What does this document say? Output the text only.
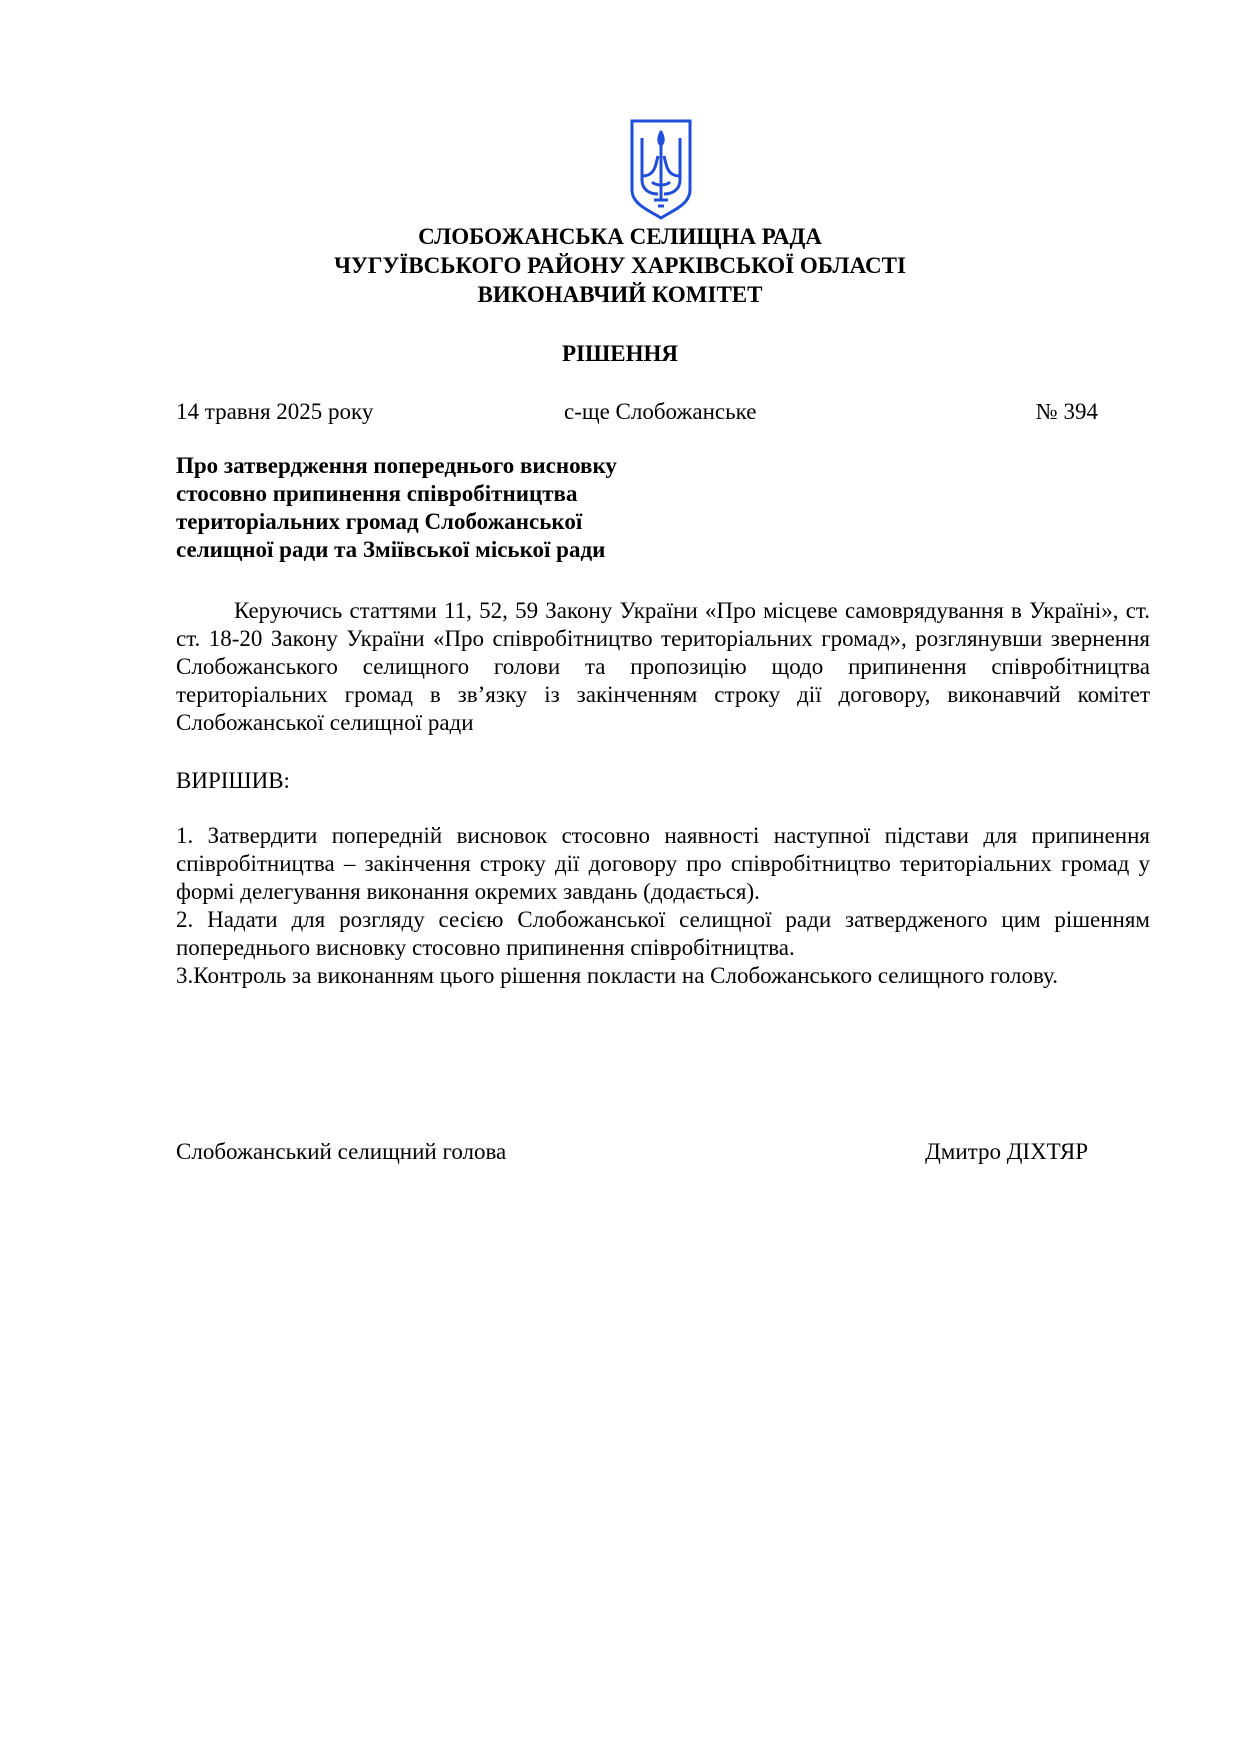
СЛОБОЖАНСЬКА СЕЛИЩНА РАДА
ЧУГУЇВСЬКОГО РАЙОНУ ХАРКІВСЬКОЇ ОБЛАСТІ
ВИКОНАВЧИЙ КОМІТЕТ
РІШЕННЯ
14 травня 2025 року	с-ще Слобожанське	№ 394
Про затвердження попереднього висновку
стосовно припинення співробітництва
територіальних громад Слобожанської
селищної ради та Зміївської міської ради
Керуючись статтями 11, 52, 59 Закону України «Про місцеве самоврядування в Україні», ст. ст. 18-20 Закону України «Про співробітництво територіальних громад», розглянувши звернення Слобожанського селищного голови та пропозицію щодо припинення співробітництва територіальних громад в зв’язку із закінченням строку дії договору, виконавчий комітет Слобожанської селищної ради
ВИРІШИВ:

1. Затвердити попередній висновок стосовно наявності наступної підстави для припинення співробітництва – закінчення строку дії договору про співробітництво територіальних громад у формі делегування виконання окремих завдань (додається).

2. Надати для розгляду сесією Слобожанської селищної ради затвердженого цим рішенням попереднього висновку стосовно припинення співробітництва.

3.Контроль за виконанням цього рішення покласти на Слобожанського селищного голову.

Слобожанський селищний голова	Дмитро ДІХТЯР
